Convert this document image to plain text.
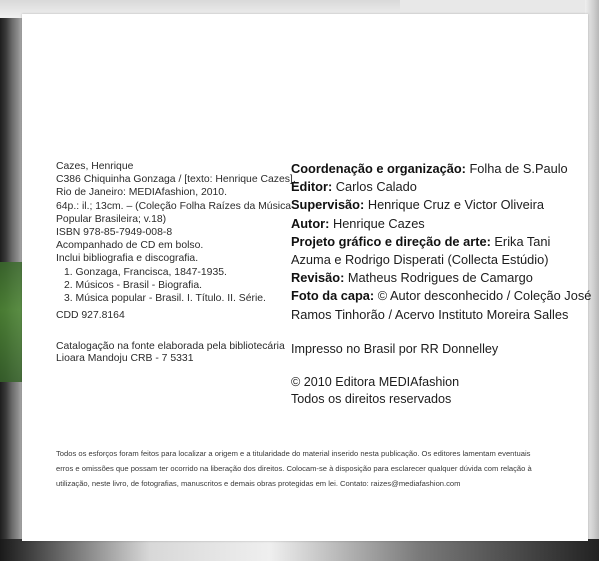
Cazes, Henrique
C386 Chiquinha Gonzaga / [texto: Henrique Cazes].
Rio de Janeiro: MEDIAfashion, 2010.
64p.: il.; 13cm. – (Coleção Folha Raízes da Música
Popular Brasileira; v.18)
ISBN 978-85-7949-008-8
Acompanhado de CD em bolso.
Inclui bibliografia e discografia.
1. Gonzaga, Francisca, 1847-1935.
2. Músicos - Brasil - Biografia.
3. Música popular - Brasil. I. Título. II. Série.
CDD 927.8164
Catalogação na fonte elaborada pela bibliotecária
Lioara Mandoju CRB - 7 5331
Coordenação e organização: Folha de S.Paulo
Editor: Carlos Calado
Supervisão: Henrique Cruz e Victor Oliveira
Autor: Henrique Cazes
Projeto gráfico e direção de arte: Erika Tani
Azuma e Rodrigo Disperati (Collecta Estúdio)
Revisão: Matheus Rodrigues de Camargo
Foto da capa: © Autor desconhecido / Coleção José
Ramos Tinhorão / Acervo Instituto Moreira Salles
Impresso no Brasil por RR Donnelley
© 2010 Editora MEDIAfashion
Todos os direitos reservados
Todos os esforços foram feitos para localizar a origem e a titularidade do material inserido nesta publicação. Os editores lamentam eventuais
erros e omissões que possam ter ocorrido na liberação dos direitos. Colocam-se à disposição para esclarecer qualquer dúvida com relação à
utilização, neste livro, de fotografias, manuscritos e demais obras protegidas em lei. Contato: raizes@mediafashion.com
